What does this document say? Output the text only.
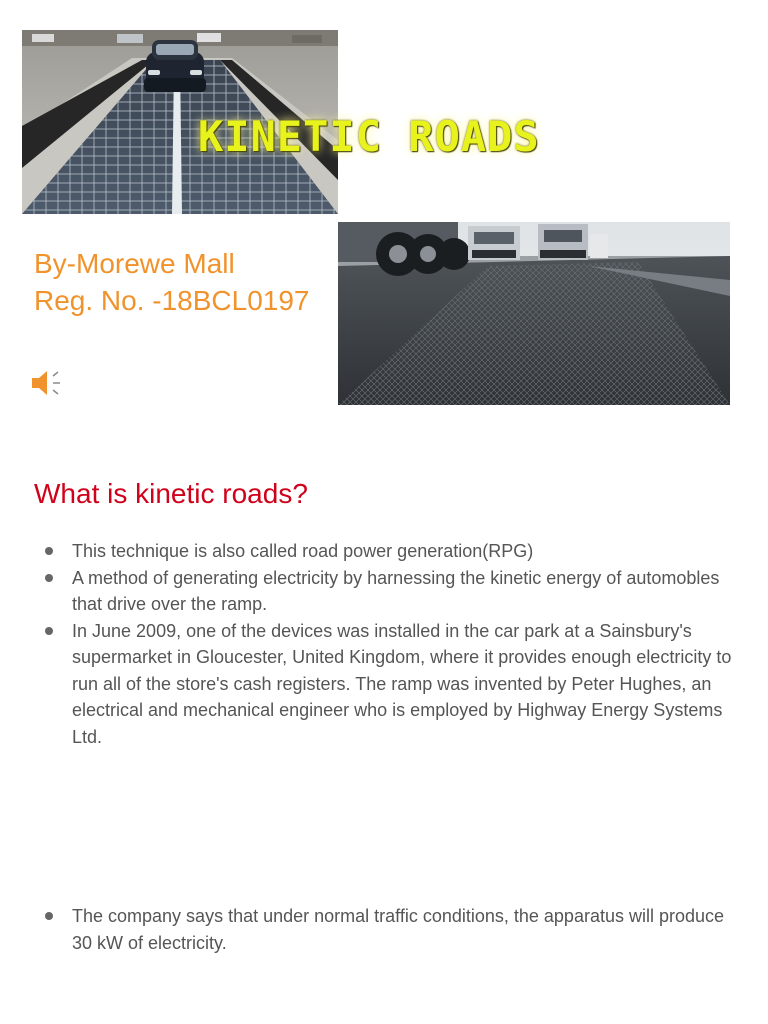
KINETIC ROADS

By-Morewe Mall

Reg. No. -18BCL0197

What is kinetic roads?
This technique is also called road power generation(RPG)
A method of generating electricity by harnessing the kinetic energy of automobles that drive over the ramp.
In June 2009, one of the devices was installed in the car park at a Sainsbury's supermarket in Gloucester, United Kingdom, where it provides enough electricity to run all of the store's cash registers. The ramp was invented by Peter Hughes, an electrical and mechanical engineer who is employed by Highway Energy Systems Ltd.
The company says that under normal traffic conditions, the apparatus will produce 30 kW of electricity.
